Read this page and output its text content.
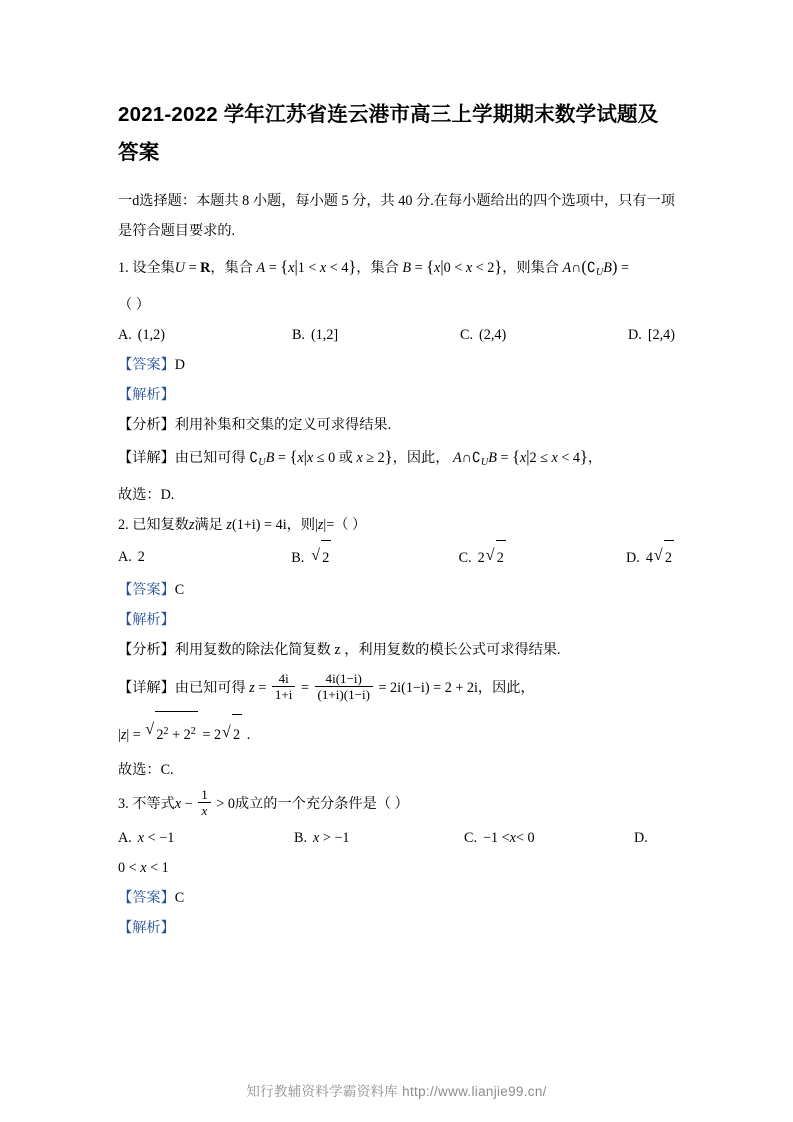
2021-2022 学年江苏省连云港市高三上学期期末数学试题及答案

一d选择题：本题共 8 小题，每小题 5 分，共 40 分.在每小题给出的四个选项中，只有一项是符合题目要求的.

1. 设全集U = R，集合 A = {x|1 < x < 4}，集合 B = {x|0 < x < 2}，则集合 $A\cap(∁_UB)$ =

（ ）

A. ( 1,2 )	B. (1,2]	C. (2,4)	D. [2,4)

【答案】D

【解析】

【分析】利用补集和交集的定义可求得结果.

【详解】由已知可得 $∁_UB = \{x|x \le 0$ 或 x ≥ 2}，因此， $A\cap∁_UB = \{x|2 \le x < 4\}$，

故选：D.

2. 已知复数z满足 z(1+i) = 4i，则|z|=（ ）

A. 2	B.	√ 2	C. 2 √ 2	D. 4 √ 2

【答案】C

【解析】

【分析】利用复数的除法化简复数 z ，利用复数的模长公式可求得结果.

【详解】由已知可得 $z = \frac{4i}{1+i} = \frac{4i(1-i)}{(1+i)(1-i)} = 2i(1-i) = 2 + 2i$，因此，

|z| = √ $2^2 + 2^2 = 2$ √ 2 .

故选：C.

3. 不等式$x - \frac{1}{x} > 0$成立的一个充分条件是（ ）

A. x < −1	B. x > −1	C. −1 < x < 0	D.

0 < x < 1

【答案】C

【解析】

知行教辅资料学霸资料库 http://www.lianjie99.cn/
